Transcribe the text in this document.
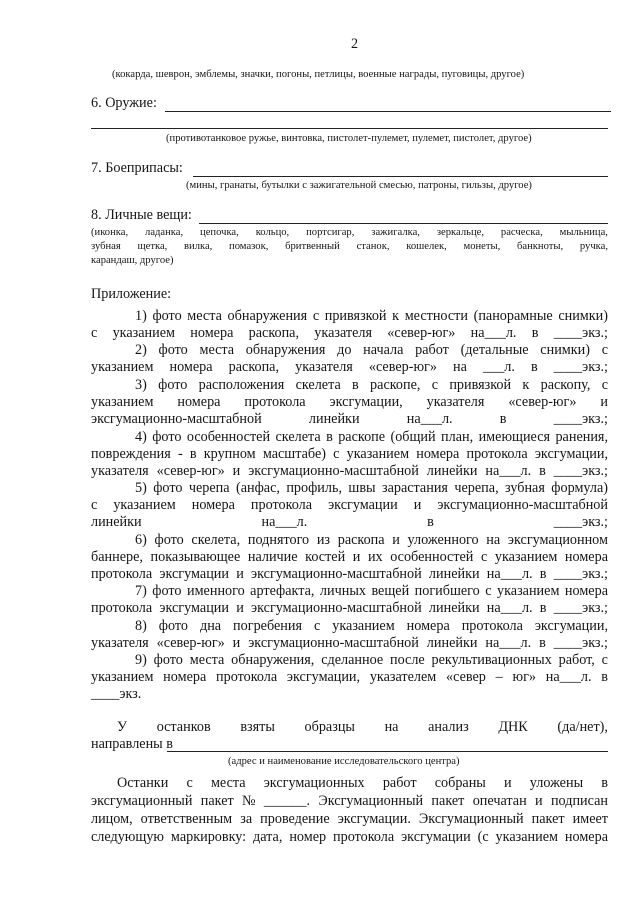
2
(кокарда, шеврон, эмблемы, значки, погоны, петлицы, военные награды, пуговицы, другое)
6. Оружие:
(противотанковое ружье, винтовка, пистолет-пулемет, пулемет, пистолет, другое)
7. Боеприпасы:
(мины, гранаты, бутылки с зажигательной смесью, патроны, гильзы, другое)
8. Личные вещи:
(иконка, ладанка, цепочка, кольцо, портсигар, зажигалка, зеркальце, расческа, мыльница,
зубная щетка, вилка, помазок, бритвенный станок, кошелек, монеты, банкноты, ручка,
карандаш, другое)
Приложение:
1) фото места обнаружения с привязкой к местности (панорамные снимки)
с указанием номера раскопа, указателя «север-юг» на___л. в ____экз.;
2) фото места обнаружения до начала работ (детальные снимки) с
указанием номера раскопа, указателя «север-юг» на ___л. в ____экз.;
3) фото расположения скелета в раскопе, с привязкой к раскопу, с
указанием номера протокола эксгумации, указателя «север-юг» и
эксгумационно-масштабной линейки на___л. в ____экз.;
4) фото особенностей скелета в раскопе (общий план, имеющиеся ранения,
повреждения - в крупном масштабе) с указанием номера протокола эксгумации,
указателя «север-юг» и эксгумационно-масштабной линейки на___л. в ____экз.;
5) фото черепа (анфас, профиль, швы зарастания черепа, зубная формула)
с указанием номера протокола эксгумации и эксгумационно-масштабной
линейки на___л. в ____экз.;
6) фото скелета, поднятого из раскопа и уложенного на эксгумационном
баннере, показывающее наличие костей и их особенностей с указанием номера
протокола эксгумации и эксгумационно-масштабной линейки на___л. в ____экз.;
7) фото именного артефакта, личных вещей погибшего с указанием номера
протокола эксгумации и эксгумационно-масштабной линейки на___л. в ____экз.;
8) фото дна погребения с указанием номера протокола эксгумации,
указателя «север-юг» и эксгумационно-масштабной линейки на___л. в ____экз.;
9) фото места обнаружения, сделанное после рекультивационных работ, с
указанием номера протокола эксгумации, указателем «север – юг» на___л. в
____экз.
У останков взяты образцы на анализ ДНК (да/нет),
направлены в
(адрес и наименование исследовательского центра)
Останки с места эксгумационных работ собраны и уложены в
эксгумационный пакет № ______. Эксгумационный пакет опечатан и подписан
лицом, ответственным за проведение эксгумации. Эксгумационный пакет имеет
следующую маркировку: дата, номер протокола эксгумации (с указанием номера
